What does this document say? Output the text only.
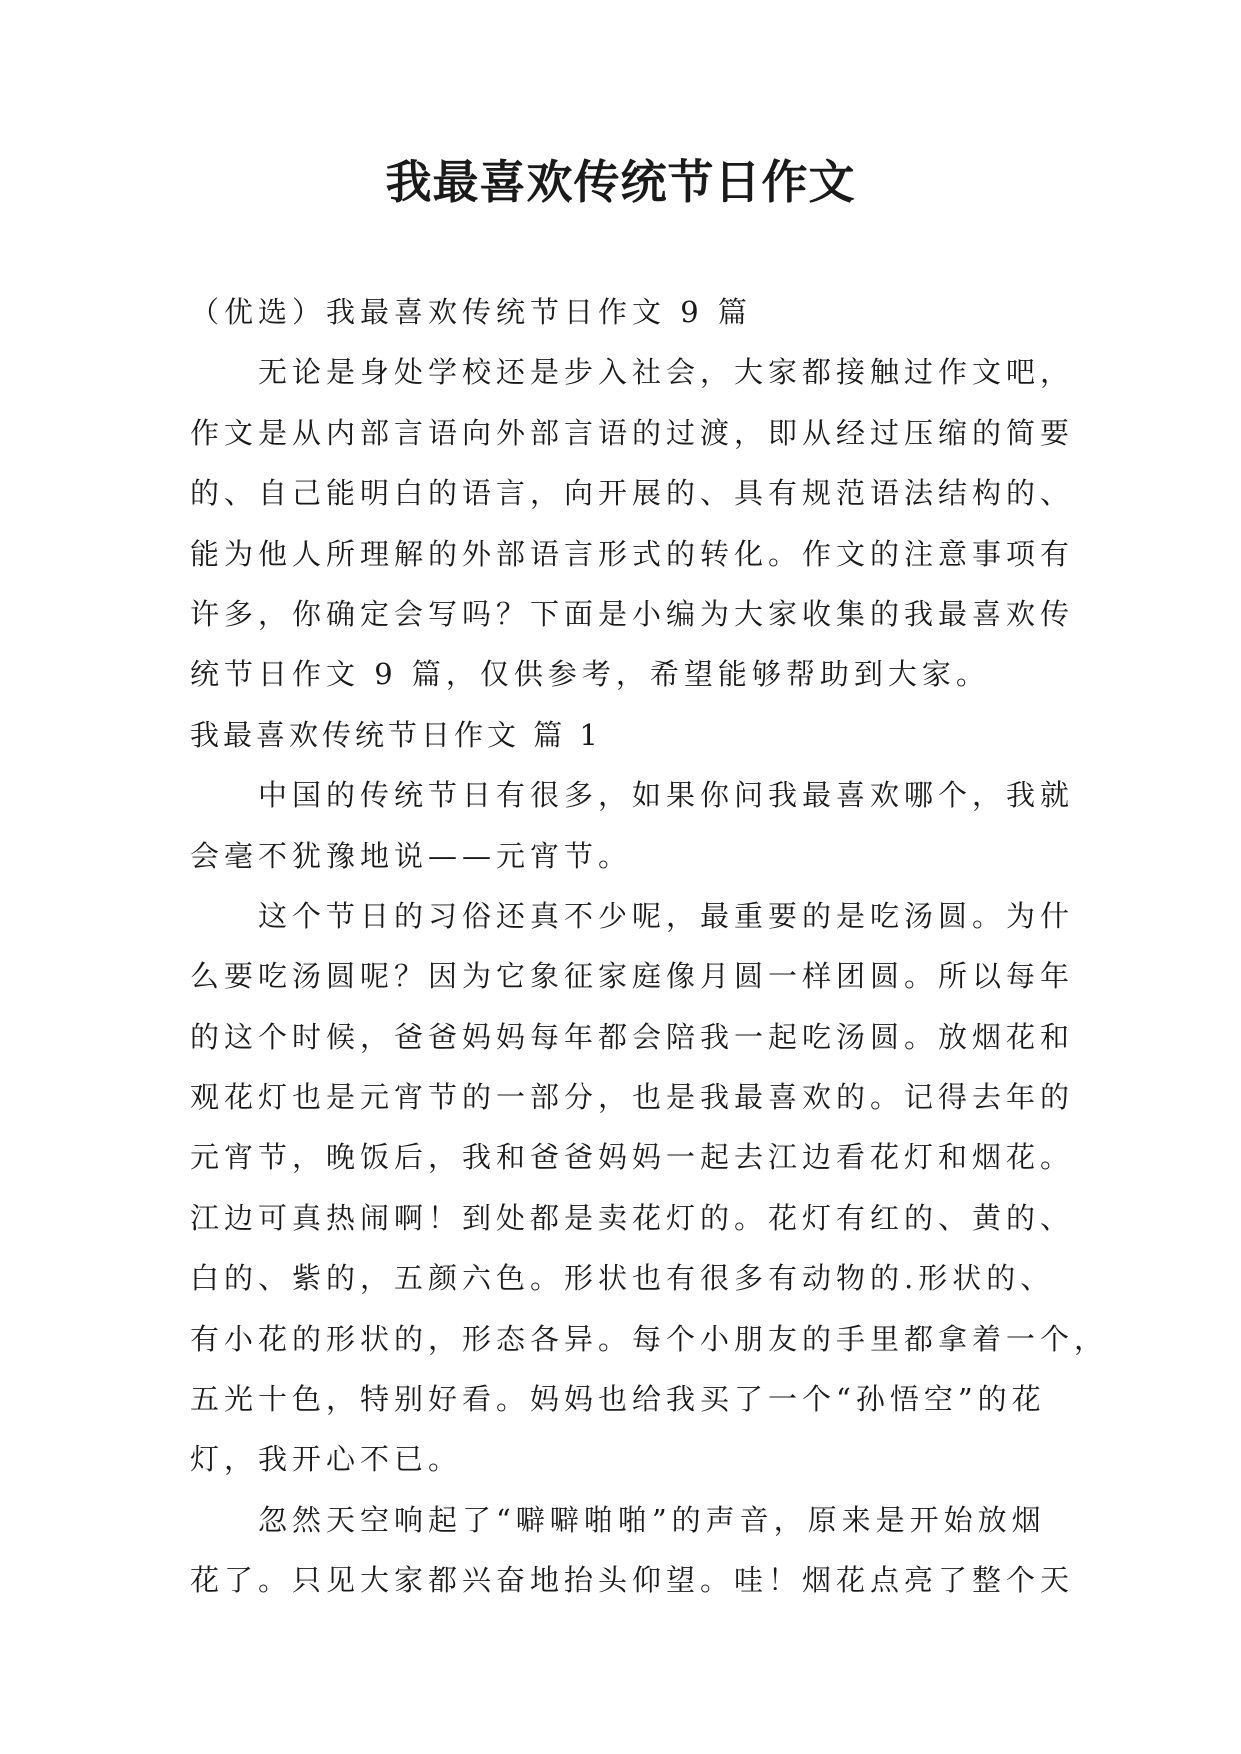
我最喜欢传统节日作文

（优选）我最喜欢传统节日作文 9 篇

无论是身处学校还是步入社会，大家都接触过作文吧，

作文是从内部言语向外部言语的过渡，即从经过压缩的简要

的、自己能明白的语言，向开展的、具有规范语法结构的、

能为他人所理解的外部语言形式的转化。作文的注意事项有

许多，你确定会写吗？下面是小编为大家收集的我最喜欢传

统节日作文 9 篇，仅供参考，希望能够帮助到大家。

我最喜欢传统节日作文 篇 1

中国的传统节日有很多，如果你问我最喜欢哪个，我就

会毫不犹豫地说——元宵节。

这个节日的习俗还真不少呢，最重要的是吃汤圆。为什

么要吃汤圆呢？因为它象征家庭像月圆一样团圆。所以每年

的这个时候，爸爸妈妈每年都会陪我一起吃汤圆。放烟花和

观花灯也是元宵节的一部分，也是我最喜欢的。记得去年的

元宵节，晚饭后，我和爸爸妈妈一起去江边看花灯和烟花。

江边可真热闹啊！到处都是卖花灯的。花灯有红的、黄的、

白的、紫的，五颜六色。形状也有很多有动物的.形状的、

有小花的形状的，形态各异。每个小朋友的手里都拿着一个，

五光十色，特别好看。妈妈也给我买了一个“孙悟空”的花

灯，我开心不已。

忽然天空响起了“噼噼啪啪”的声音，原来是开始放烟

花了。只见大家都兴奋地抬头仰望。哇！烟花点亮了整个天
